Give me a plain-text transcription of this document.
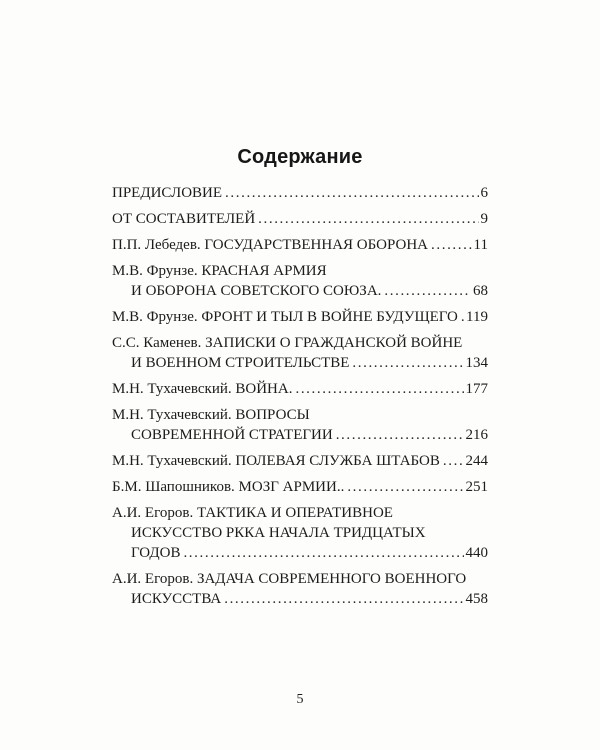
Содержание
ПРЕДИСЛОВИЕ .....	6
ОТ СОСТАВИТЕЛЕЙ .....	9
П.П. Лебедев. ГОСУДАРСТВЕННАЯ ОБОРОНА .....	11
М.В. Фрунзе. КРАСНАЯ АРМИЯ
И ОБОРОНА СОВЕТСКОГО СОЮЗА. .....	68
М.В. Фрунзе. ФРОНТ И ТЫЛ В ВОЙНЕ БУДУЩЕГО ..... 119
С.С. Каменев. ЗАПИСКИ О ГРАЖДАНСКОЙ ВОЙНЕ
И ВОЕННОМ СТРОИТЕЛЬСТВЕ .....	134
М.Н. Тухачевский. ВОЙНА. .....	177
М.Н. Тухачевский. ВОПРОСЫ
СОВРЕМЕННОЙ СТРАТЕГИИ .....	216
М.Н. Тухачевский. ПОЛЕВАЯ СЛУЖБА ШТАБОВ ..... 244
Б.М. Шапошников. МОЗГ АРМИИ.. .....	251
А.И. Егоров. ТАКТИКА И ОПЕРАТИВНОЕ
ИСКУССТВО РККА НАЧАЛА ТРИДЦАТЫХ
ГОДОВ .....	440
А.И. Егоров. ЗАДАЧА СОВРЕМЕННОГО ВОЕННОГО
ИСКУССТВА .....	458
5
